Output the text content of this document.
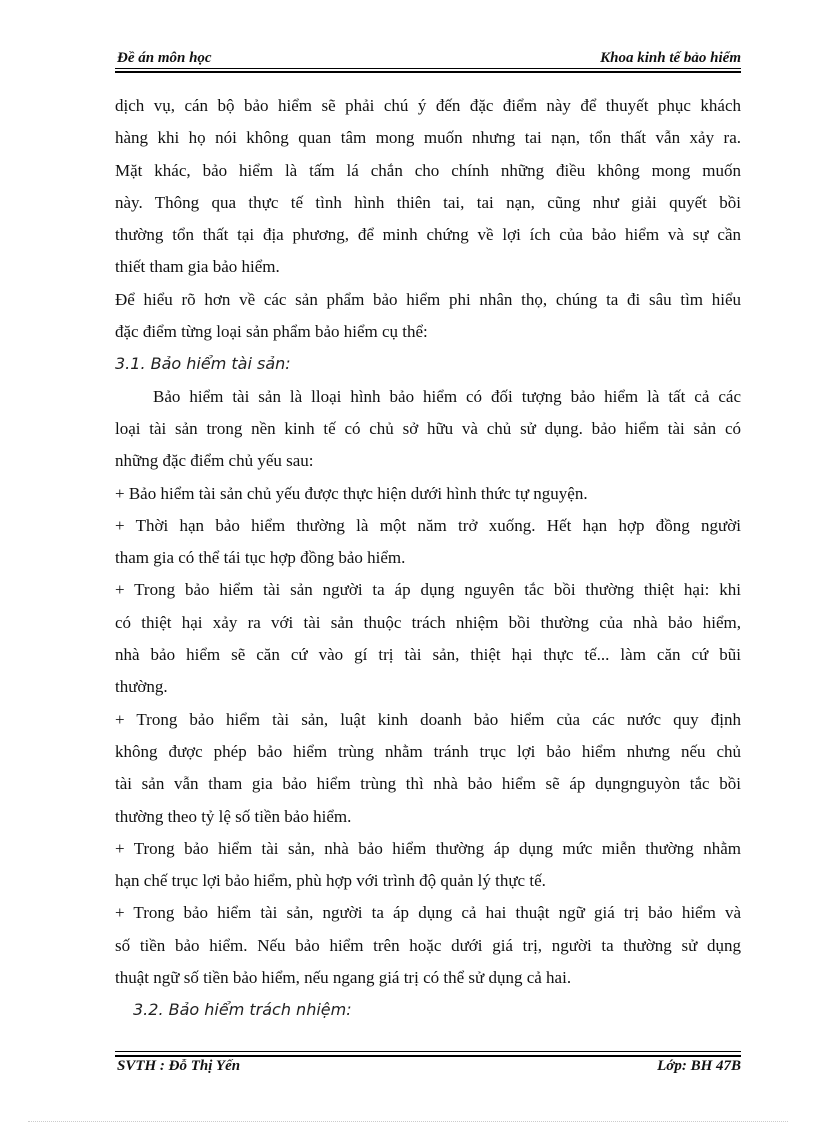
Đề án môn học	Khoa kinh tế bảo hiểm
dịch vụ, cán bộ bảo hiểm sẽ phải chú ý đến đặc điểm này để thuyết phục khách
hàng khi họ nói không quan tâm mong muốn nhưng tai nạn, tổn thất vẫn xảy ra.
Mặt khác, bảo hiểm là tấm lá chắn cho chính những điều không mong muốn
này. Thông qua thực tế tình hình thiên tai, tai nạn, cũng như giải quyết bồi
thường tổn thất tại địa phương, để minh chứng về lợi ích của bảo hiểm và sự cần
thiết tham gia bảo hiểm.
Để hiểu rõ hơn về các sản phẩm bảo hiểm phi nhân thọ, chúng ta đi sâu tìm hiểu
đặc điểm từng loại sản phẩm bảo hiểm cụ thể:
3.1. Bảo hiểm tài sản:
Bảo hiểm tài sản là lloại hình bảo hiểm có đối tượng bảo hiểm là tất cả các
loại tài sản trong nền kinh tế có chủ sở hữu và chủ sử dụng. bảo hiểm tài sản có
những đặc điểm chủ yếu sau:
+ Bảo hiểm tài sản chủ yếu được thực hiện dưới hình thức tự nguyện.
+ Thời hạn bảo hiểm thường là một năm trở xuống. Hết hạn hợp đồng người
tham gia có thể tái tục hợp đồng bảo hiểm.
+ Trong bảo hiểm tài sản người ta áp dụng nguyên tắc bồi thường thiệt hại: khi
có thiệt hại xảy ra với tài sản thuộc trách nhiệm bồi thường của nhà bảo hiểm,
nhà bảo hiểm sẽ căn cứ vào gí trị tài sản, thiệt hại thực tế... làm căn cứ bũi
thường.
+ Trong bảo hiểm tài sản, luật kinh doanh bảo hiểm của các nước quy định
không được phép bảo hiểm trùng nhằm tránh trục lợi bảo hiểm nhưng nếu chủ
tài sản vẫn tham gia bảo hiểm trùng thì nhà bảo hiểm sẽ áp dụngnguyòn tắc bồi
thường theo tỷ lệ số tiền bảo hiểm.
+ Trong bảo hiểm tài sản, nhà bảo hiểm thường áp dụng mức miễn thường nhằm
hạn chế trục lợi bảo hiểm, phù hợp với trình độ quản lý thực tế.
+ Trong bảo hiểm tài sản, người ta áp dụng cả hai thuật ngữ giá trị bảo hiểm và
số tiền bảo hiểm. Nếu bảo hiểm trên hoặc dưới giá trị, người ta thường sử dụng
thuật ngữ số tiền bảo hiểm, nếu ngang giá trị có thể sử dụng cả hai.
3.2. Bảo hiểm trách nhiệm:
SVTH : Đỗ Thị Yến	Lớp: BH 47B
